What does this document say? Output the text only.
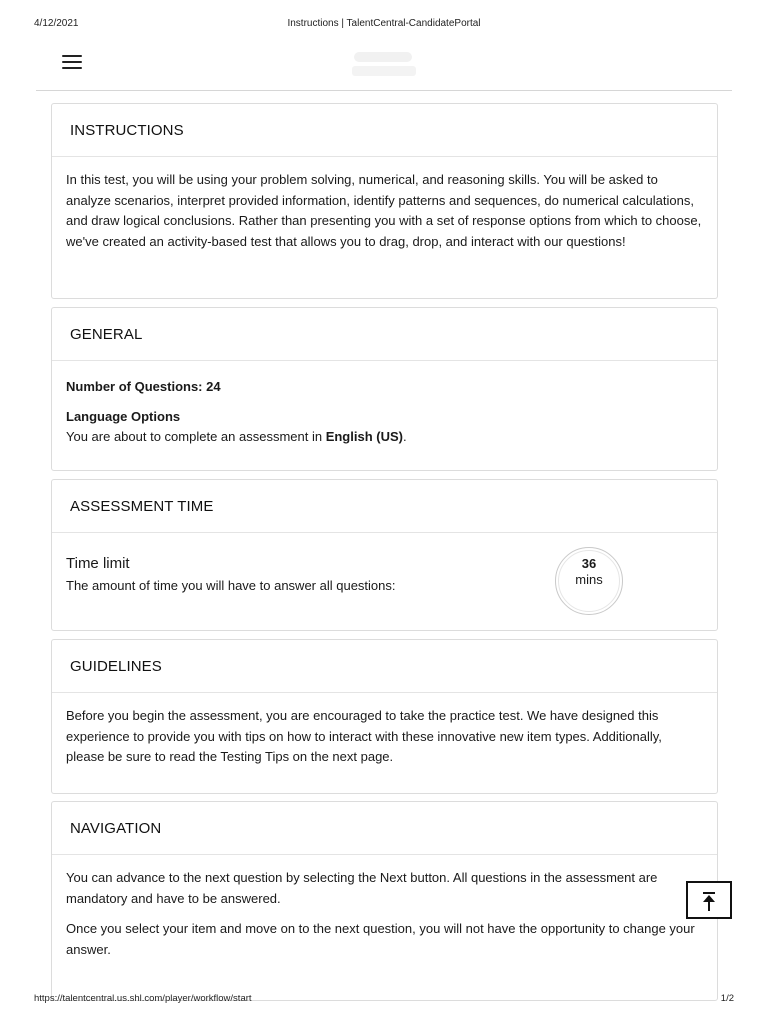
4/12/2021	Instructions | TalentCentral-CandidatePortal
INSTRUCTIONS

In this test, you will be using your problem solving, numerical, and reasoning skills. You will be asked to analyze scenarios, interpret provided information, identify patterns and sequences, do numerical calculations, and draw logical conclusions. Rather than presenting you with a set of response options from which to choose, we've created an activity-based test that allows you to drag, drop, and interact with our questions!

GENERAL

Number of Questions: 24

Language Options

You are about to complete an assessment in English (US).

ASSESSMENT TIME

Time limit

The amount of time you will have to answer all questions:

36
mins
GUIDELINES

Before you begin the assessment, you are encouraged to take the practice test. We have designed this experience to provide you with tips on how to interact with these innovative new item types. Additionally, please be sure to read the Testing Tips on the next page.

NAVIGATION

You can advance to the next question by selecting the Next button. All questions in the assessment are mandatory and have to be answered.

Once you select your item and move on to the next question, you will not have the opportunity to change your answer.

https://talentcentral.us.shl.com/player/workflow/start	1/2
